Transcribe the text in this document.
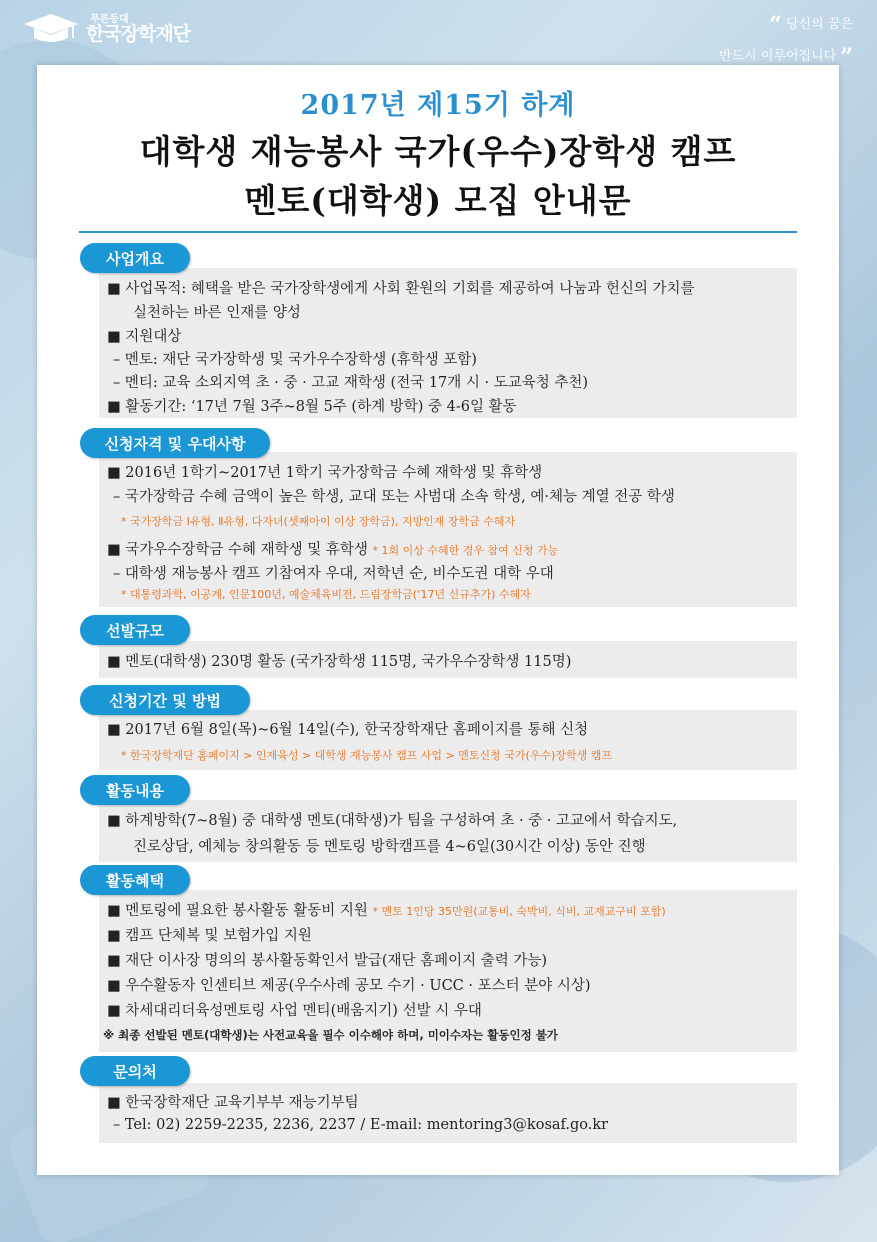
푸른등대
한국장학재단	“ 당신의 꿈은
반드시 이루어집니다 ”
2017년 제15기 하계
대학생 재능봉사 국가(우수)장학생 캠프
멘토(대학생) 모집 안내문
사업개요
■ 사업목적: 혜택을 받은 국가장학생에게 사회 환원의 기회를 제공하여 나눔과 헌신의 가치를
실천하는 바른 인재를 양성
■ 지원대상
– 멘토: 재단 국가장학생 및 국가우수장학생 (휴학생 포함)
– 멘티: 교육 소외지역 초 · 중 · 고교 재학생 (전국 17개 시 · 도교육청 추천)
■ 활동기간: ‘17년 7월 3주~8월 5주 (하계 방학) 중 4-6일 활동
신청자격 및 우대사항
■ 2016년 1학기~2017년 1학기 국가장학금 수혜 재학생 및 휴학생
– 국가장학금 수혜 금액이 높은 학생, 교대 또는 사범대 소속 학생, 예·체능 계열 전공 학생
* 국가장학금 Ⅰ유형, Ⅱ유형, 다자녀(셋째아이 이상 장학금), 지방인재 장학금 수혜자
■ 국가우수장학금 수혜 재학생 및 휴학생 * 1회 이상 수혜한 경우 참여 신청 가능
– 대학생 재능봉사 캠프 기참여자 우대, 저학년 순, 비수도권 대학 우대
* 대통령과학, 이공계, 인문100년, 예술체육비전, 드림장학금(‘17년 신규추가) 수혜자
선발규모
■ 멘토(대학생) 230명 활동 (국가장학생 115명, 국가우수장학생 115명)
신청기간 및 방법
■ 2017년 6월 8일(목)~6월 14일(수), 한국장학재단 홈페이지를 통해 신청
* 한국장학재단 홈페이지 > 인재육성 > 대학생 재능봉사 캠프 사업 > 멘토신청 국가(우수)장학생 캠프
활동내용
■ 하계방학(7~8월) 중 대학생 멘토(대학생)가 팀을 구성하여 초 · 중 · 고교에서 학습지도,
진로상담, 예체능 창의활동 등 멘토링 방학캠프를 4~6일(30시간 이상) 동안 진행
활동혜택
■ 멘토링에 필요한 봉사활동 활동비 지원 * 멘토 1인당 35만원(교통비, 숙박비, 식비, 교재교구비 포함)
■ 캠프 단체복 및 보험가입 지원
■ 재단 이사장 명의의 봉사활동확인서 발급(재단 홈페이지 출력 가능)
■ 우수활동자 인센티브 제공(우수사례 공모 수기 · UCC · 포스터 분야 시상)
■ 차세대리더육성멘토링 사업 멘티(배움지기) 선발 시 우대
※ 최종 선발된 멘토(대학생)는 사전교육을 필수 이수해야 하며, 미이수자는 활동인정 불가
문의처
■ 한국장학재단 교육기부부 재능기부팀
– Tel: 02) 2259-2235, 2236, 2237 / E-mail: mentoring3@kosaf.go.kr
